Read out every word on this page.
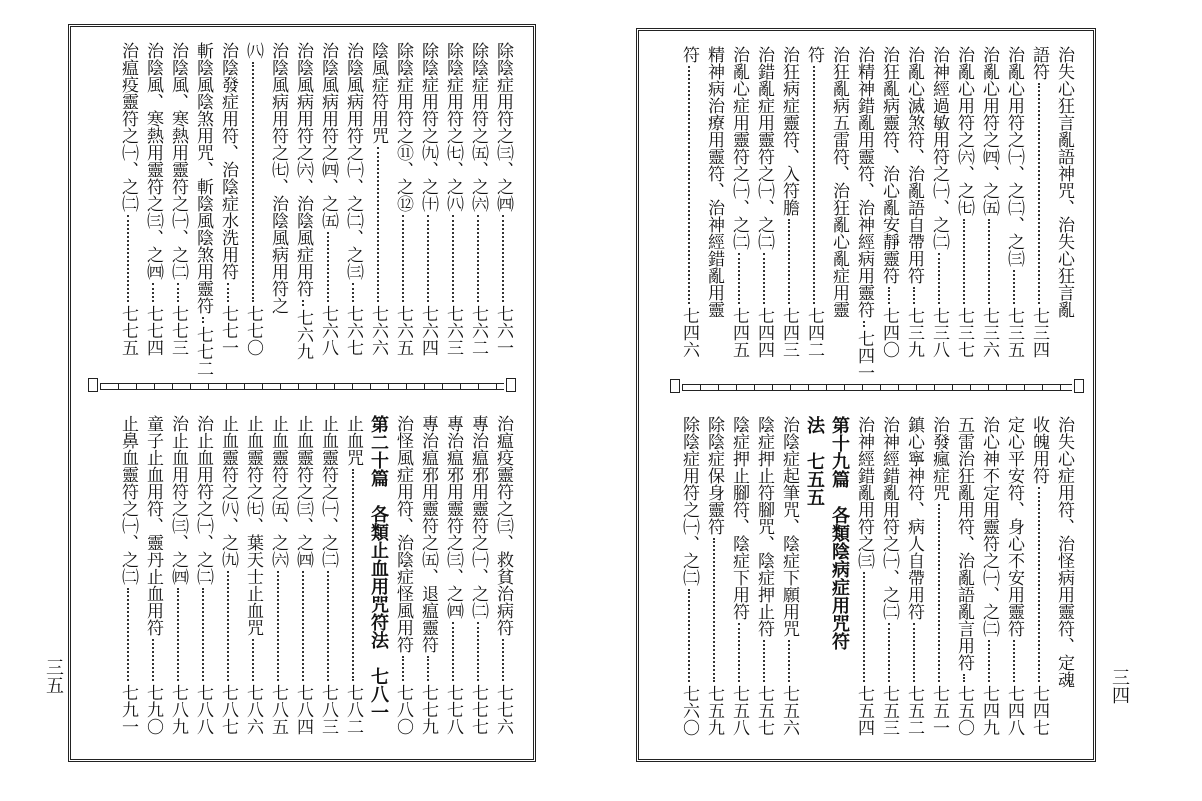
除陰症用符之㈢、之㈣
七六一
除陰症用符之㈤、之㈥
七六二
除陰症用符之㈦、之㈧
七六三
除陰症用符之㈨、之㈩
七六四
除陰症用符之⑪、之⑫
七六五
陰風症符用咒
七六六
治陰風病用符之㈠、之㈡、之㈢
七六七
治陰風病用符之㈣、之㈤
七六八
治陰風病用符之㈥、治陰風症用符
七六九
治陰風病用符之㈦、治陰風病用符之
㈧
七七〇
治陰發症用符、治陰症水洗用符
七七一
斬陰風陰煞用咒、斬陰風陰煞用靈符
七七二
治陰風、寒熱用靈符之㈠、之㈡
七七三
治陰風、寒熱用靈符之㈢、之㈣
七七四
治瘟疫靈符之㈠、之㈡
七七五
治瘟疫靈符之㈢、救貧治病符
七七六
專治瘟邪用靈符之㈠、之㈡
七七七
專治瘟邪用靈符之㈢、之㈣
七七八
專治瘟邪用靈符之㈤、退瘟靈符
七七九
治怪風症用符、治陰症怪風用符
七八〇
第二十篇　各類止血用咒符法
七八一
止血咒
七八二
止血靈符之㈠、之㈡
七八三
止血靈符之㈢、之㈣
七八四
止血靈符之㈤、之㈥
七八五
止血靈符之㈦、葉天士止血咒
七八六
止血靈符之㈧、之㈨
七八七
治止血用符之㈠、之㈡
七八八
治止血用符之㈢、之㈣
七八九
童子止血用符、靈丹止血用符
七九〇
止鼻血靈符之㈠、之㈡
七九一
治失心狂言亂語神咒、治失心狂言亂
語符
七三四
治亂心用符之㈠、之㈡、之㈢
七三五
治亂心用符之㈣、之㈤
七三六
治亂心用符之㈥、之㈦
七三七
治神經過敏用符之㈠、之㈡
七三八
治亂心滅煞符、治亂語自帶用符
七三九
治狂亂病靈符、治心亂安靜靈符
七四〇
治精神錯亂用靈符、治神經病用靈符
七四一
治狂亂病五雷符、治狂亂心亂症用靈
符
七四二
治狂病症靈符、入符膽
七四三
治錯亂症用靈符之㈠、之㈡
七四四
治亂心症用靈符之㈠、之㈡
七四五
精神病治療用靈符、治神經錯亂用靈
符
七四六
治失心症用符、治怪病用靈符、定魂
收魄用符
七四七
定心平安符、身心不安用靈符
七四八
治心神不定用靈符之㈠、之㈡
七四九
五雷治狂亂用符、治亂語亂言用符
七五〇
治發瘋症咒
七五一
鎮心寧神符、病人自帶用符
七五二
治神經錯亂用符之㈠、之㈡
七五三
治神經錯亂用符之㈢
七五四
第十九篇　各類陰病症用咒符
法
七五五
治陰症起筆咒、陰症下願用咒
七五六
陰症押止符腳咒、陰症押止符
七五七
陰症押止腳符、陰症下用符
七五八
除陰症保身靈符
七五九
除陰症用符之㈠、之㈡
七六〇
三五	三四
